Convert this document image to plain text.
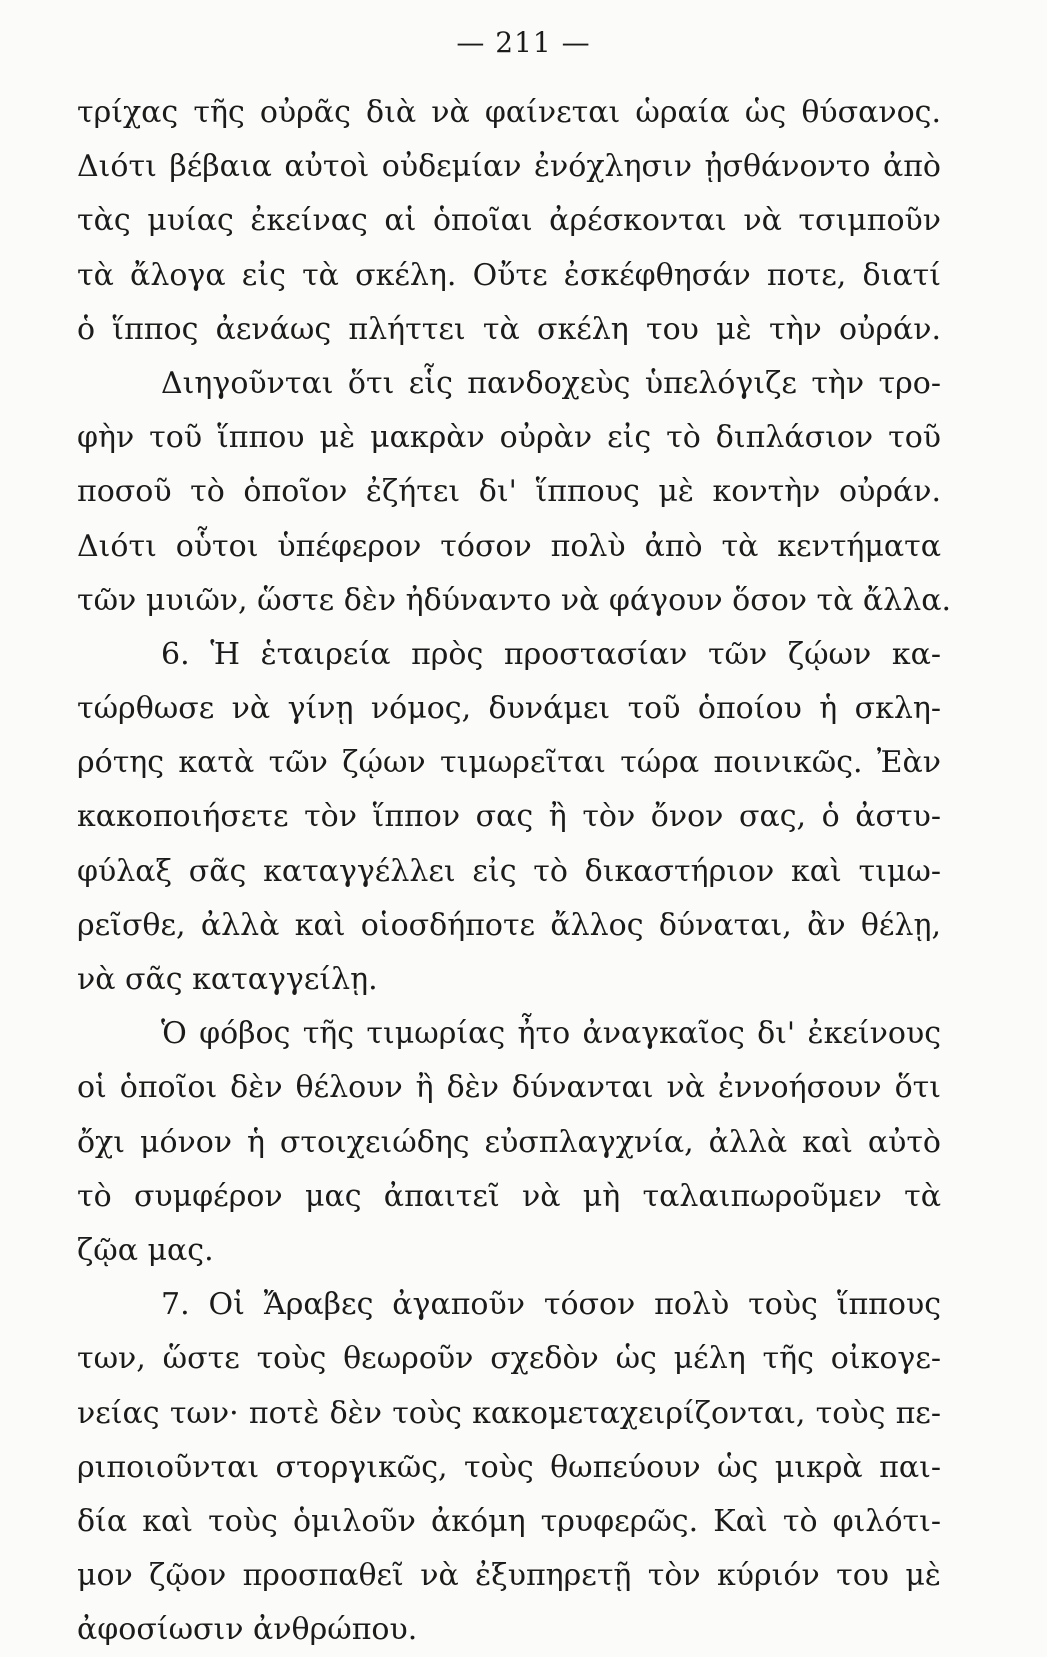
— 211 —
τρίχας τῆς οὐρᾶς διὰ νὰ φαίνεται ὡραία ὡς θύσανος.
Διότι βέβαια αὐτοὶ οὐδεμίαν ἐνόχλησιν ᾐσθάνοντο ἀπὸ
τὰς μυίας ἐκείνας αἱ ὁποῖαι ἀρέσκονται νὰ τσιμποῦν
τὰ ἄλογα εἰς τὰ σκέλη. Οὔτε ἐσκέφθησάν ποτε, διατί
ὁ ἵππος ἀενάως πλήττει τὰ σκέλη του μὲ τὴν οὐράν.
Διηγοῦνται ὅτι εἷς πανδοχεὺς ὑπελόγιζε τὴν τρο-
φὴν τοῦ ἵππου μὲ μακρὰν οὐρὰν εἰς τὸ διπλάσιον τοῦ
ποσοῦ τὸ ὁποῖον ἐζήτει δι' ἵππους μὲ κοντὴν οὐράν.
Διότι οὗτοι ὑπέφερον τόσον πολὺ ἀπὸ τὰ κεντήματα
τῶν μυιῶν, ὥστε δὲν ἠδύναντο νὰ φάγουν ὅσον τὰ ἄλλα.
6. Ἡ ἑταιρεία πρὸς προστασίαν τῶν ζῴων κα-
τώρθωσε νὰ γίνῃ νόμος, δυνάμει τοῦ ὁποίου ἡ σκλη-
ρότης κατὰ τῶν ζῴων τιμωρεῖται τώρα ποινικῶς. Ἐὰν
κακοποιήσετε τὸν ἵππον σας ἢ τὸν ὄνον σας, ὁ ἀστυ-
φύλαξ σᾶς καταγγέλλει εἰς τὸ δικαστήριον καὶ τιμω-
ρεῖσθε, ἀλλὰ καὶ οἱοσδήποτε ἄλλος δύναται, ἂν θέλῃ,
νὰ σᾶς καταγγείλῃ.
Ὁ φόβος τῆς τιμωρίας ἦτο ἀναγκαῖος δι' ἐκείνους
οἱ ὁποῖοι δὲν θέλουν ἢ δὲν δύνανται νὰ ἐννοήσουν ὅτι
ὄχι μόνον ἡ στοιχειώδης εὐσπλαγχνία, ἀλλὰ καὶ αὐτὸ
τὸ συμφέρον μας ἀπαιτεῖ νὰ μὴ ταλαιπωροῦμεν τὰ
ζῷα μας.
7. Οἱ Ἄραβες ἀγαποῦν τόσον πολὺ τοὺς ἵππους
των, ὥστε τοὺς θεωροῦν σχεδὸν ὡς μέλη τῆς οἰκογε-
νείας των· ποτὲ δὲν τοὺς κακομεταχειρίζονται, τοὺς πε-
ριποιοῦνται στοργικῶς, τοὺς θωπεύουν ὡς μικρὰ παι-
δία καὶ τοὺς ὁμιλοῦν ἀκόμη τρυφερῶς. Καὶ τὸ φιλότι-
μον ζῷον προσπαθεῖ νὰ ἐξυπηρετῇ τὸν κύριόν του μὲ
ἀφοσίωσιν ἀνθρώπου.
